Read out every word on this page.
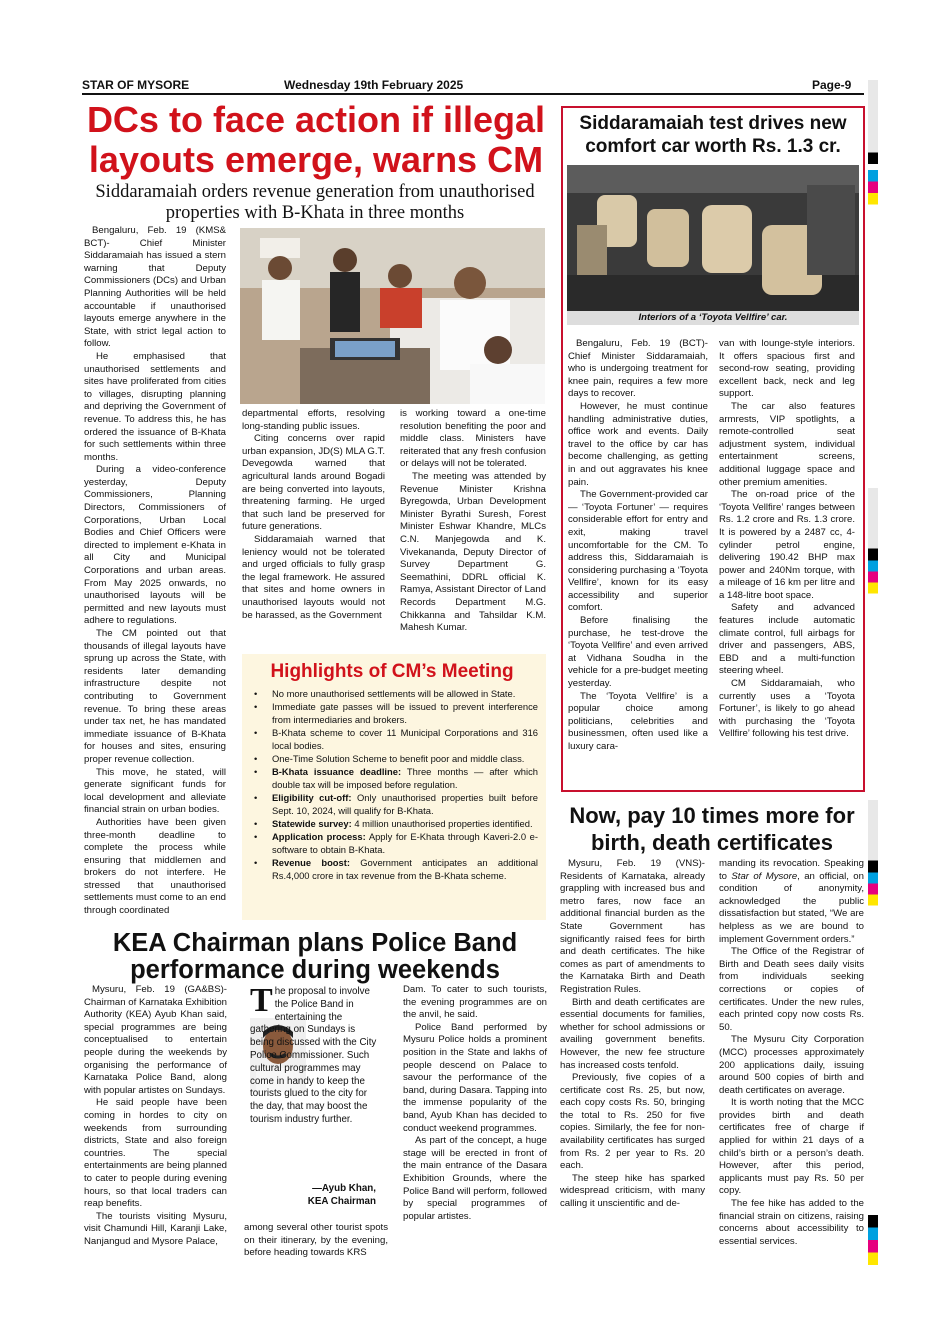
STAR OF MYSORE	Wednesday 19th February 2025	Page-9
DCs to face action if illegal
layouts emerge, warns CM
Siddaramaiah orders revenue generation from unauthorised
properties with B-Khata in three months

Bengaluru, Feb. 19 (KMS& BCT)- Chief Minister Siddaramaiah has issued a stern warning that Deputy Commissioners (DCs) and Urban Planning Authorities will be held accountable if unauthorised layouts emerge anywhere in the State, with strict legal action to follow.

He emphasised that unauthorised settlements and sites have proliferated from cities to villages, disrupting planning and depriving the Government of revenue. To address this, he has ordered the issuance of B-Khata for such settlements within three months.

During a video-conference yesterday, Deputy Commissioners, Planning Directors, Commissioners of Corporations, Urban Local Bodies and Chief Officers were directed to implement e-Khata in all City and Municipal Corporations and urban areas. From May 2025 onwards, no unauthorised layouts will be permitted and new layouts must adhere to regulations.

The CM pointed out that thousands of illegal layouts have sprung up across the State, with residents later demanding infrastructure despite not contributing to Government revenue. To bring these areas under tax net, he has mandated immediate issuance of B-Khata for houses and sites, ensuring proper revenue collection.

This move, he stated, will generate significant funds for local development and alleviate financial strain on urban bodies.

Authorities have been given three-month deadline to complete the process while ensuring that middlemen and brokers do not interfere. He stressed that unauthorised settlements must come to an end through coordinated

departmental efforts, resolving long-standing public issues.

Citing concerns over rapid urban expansion, JD(S) MLA G.T. Devegowda warned that agricultural lands around Bogadi are being converted into layouts, threatening farming. He urged that such land be preserved for future generations.

Siddaramaiah warned that leniency would not be tolerated and urged officials to fully grasp the legal framework. He assured that sites and home owners in unauthorised layouts would not be harassed, as the Government

is working toward a one-time resolution benefiting the poor and middle class. Ministers have reiterated that any fresh confusion or delays will not be tolerated.

The meeting was attended by Revenue Minister Krishna Byregowda, Urban Development Minister Byrathi Suresh, Forest Minister Eshwar Khandre, MLCs C.N. Manjegowda and K. Vivekananda, Deputy Director of Survey Department G. Seemathini, DDRL official K. Ramya, Assistant Director of Land Records Department M.G. Chikkanna and Tahsildar K.M. Mahesh Kumar.

Highlights of CM’s Meeting
• No more unauthorised settlements will be allowed in State.
• Immediate gate passes will be issued to prevent interference from intermediaries and brokers.
• B-Khata scheme to cover 11 Municipal Corporations and 316 local bodies.
• One-Time Solution Scheme to benefit poor and middle class.
• B-Khata issuance deadline: Three months — after which double tax will be imposed before regulation.
• Eligibility cut-off: Only unauthorised properties built before Sept. 10, 2024, will qualify for B-Khata.
• Statewide survey: 4 million unauthorised properties identified.
• Application process: Apply for E-Khata through Kaveri-2.0 e-software to obtain B-Khata.
• Revenue boost: Government anticipates an additional Rs.4,000 crore in tax revenue from the B-Khata scheme.
Siddaramaiah test drives new
comfort car worth Rs. 1.3 cr.
Interiors of a ‘Toyota Vellfire’ car.

Bengaluru, Feb. 19 (BCT)- Chief Minister Siddaramaiah, who is undergoing treatment for knee pain, requires a few more days to recover.

However, he must continue handling administrative duties, office work and events. Daily travel to the office by car has become challenging, as getting in and out aggravates his knee pain.

The Government-provided car — ‘Toyota Fortuner’ — requires considerable effort for entry and exit, making travel uncomfortable for the CM. To address this, Siddaramaiah is considering purchasing a ‘Toyota Vellfire’, known for its easy accessibility and superior comfort.

Before finalising the purchase, he test-drove the ‘Toyota Vellfire’ and even arrived at Vidhana Soudha in the vehicle for a pre-budget meeting yesterday.

The ‘Toyota Vellfire’ is a popular choice among politicians, celebrities and businessmen, often used like a luxury cara-

van with lounge-style interiors. It offers spacious first and second-row seating, providing excellent back, neck and leg support.

The car also features armrests, VIP spotlights, a remote-controlled seat adjustment system, individual entertainment screens, additional luggage space and other premium amenities.

The on-road price of the ‘Toyota Vellfire’ ranges between Rs. 1.2 crore and Rs. 1.3 crore. It is powered by a 2487 cc, 4-cylinder petrol engine, delivering 190.42 BHP max power and 240Nm torque, with a mileage of 16 km per litre and a 148-litre boot space.

Safety and advanced features include automatic climate control, full airbags for driver and passengers, ABS, EBD and a multi-function steering wheel.

CM Siddaramaiah, who currently uses a ‘Toyota Fortuner’, is likely to go ahead with purchasing the ‘Toyota Vellfire’ following his test drive.

Now, pay 10 times more for
birth, death certificates

Mysuru, Feb. 19 (VNS)- Residents of Karnataka, already grappling with increased bus and metro fares, now face an additional financial burden as the State Government has significantly raised fees for birth and death certificates. The hike comes as part of amendments to the Karnataka Birth and Death Registration Rules.

Birth and death certificates are essential documents for families, whether for school admissions or availing government benefits. However, the new fee structure has increased costs tenfold.

Previously, five copies of a certificate cost Rs. 25, but now, each copy costs Rs. 50, bringing the total to Rs. 250 for five copies. Similarly, the fee for non-availability certificates has surged from Rs. 2 per year to Rs. 20 each.

The steep hike has sparked widespread criticism, with many calling it unscientific and de-

manding its revocation. Speaking to Star of Mysore, an official, on condition of anonymity, acknowledged the public dissatisfaction but stated, “We are helpless as we are bound to implement Government orders.”

The Office of the Registrar of Birth and Death sees daily visits from individuals seeking corrections or copies of certificates. Under the new rules, each printed copy now costs Rs. 50.

The Mysuru City Corporation (MCC) processes approximately 200 applications daily, issuing around 500 copies of birth and death certificates on average.

It is worth noting that the MCC provides birth and death certificates free of charge if applied for within 21 days of a child’s birth or a person’s death. However, after this period, applicants must pay Rs. 50 per copy.

The fee hike has added to the financial strain on citizens, raising concerns about accessibility to essential services.

KEA Chairman plans Police Band
performance during weekends

Mysuru, Feb. 19 (GA&BS)- Chairman of Karnataka Exhibition Authority (KEA) Ayub Khan said, special programmes are being conceptualised to entertain people during the weekends by organising the performance of Karnataka Police Band, along with popular artistes on Sundays.

He said people have been coming in hordes to city on weekends from surrounding districts, State and also foreign countries. The special entertainments are being planned to cater to people during evening hours, so that local traders can reap benefits.

The tourists visiting Mysuru, visit Chamundi Hill, Karanji Lake, Nanjangud and Mysore Palace,

T he proposal to involve the Police Band in entertaining the gathering on Sundays is being discussed with the City Police Commissioner. Such cultural programmes may come in handy to keep the tourists glued to the city for the day, that may boost the tourism industry further.
—Ayub Khan,
KEA Chairman

among several other tourist spots on their itinerary, by the evening, before heading towards KRS

Dam. To cater to such tourists, the evening programmes are on the anvil, he said.

Police Band performed by Mysuru Police holds a prominent position in the State and lakhs of people descend on Palace to savour the performance of the band, during Dasara. Tapping into the immense popularity of the band, Ayub Khan has decided to conduct weekend programmes.

As part of the concept, a huge stage will be erected in front of the main entrance of the Dasara Exhibition Grounds, where the Police Band will perform, followed by special programmes of popular artistes.
